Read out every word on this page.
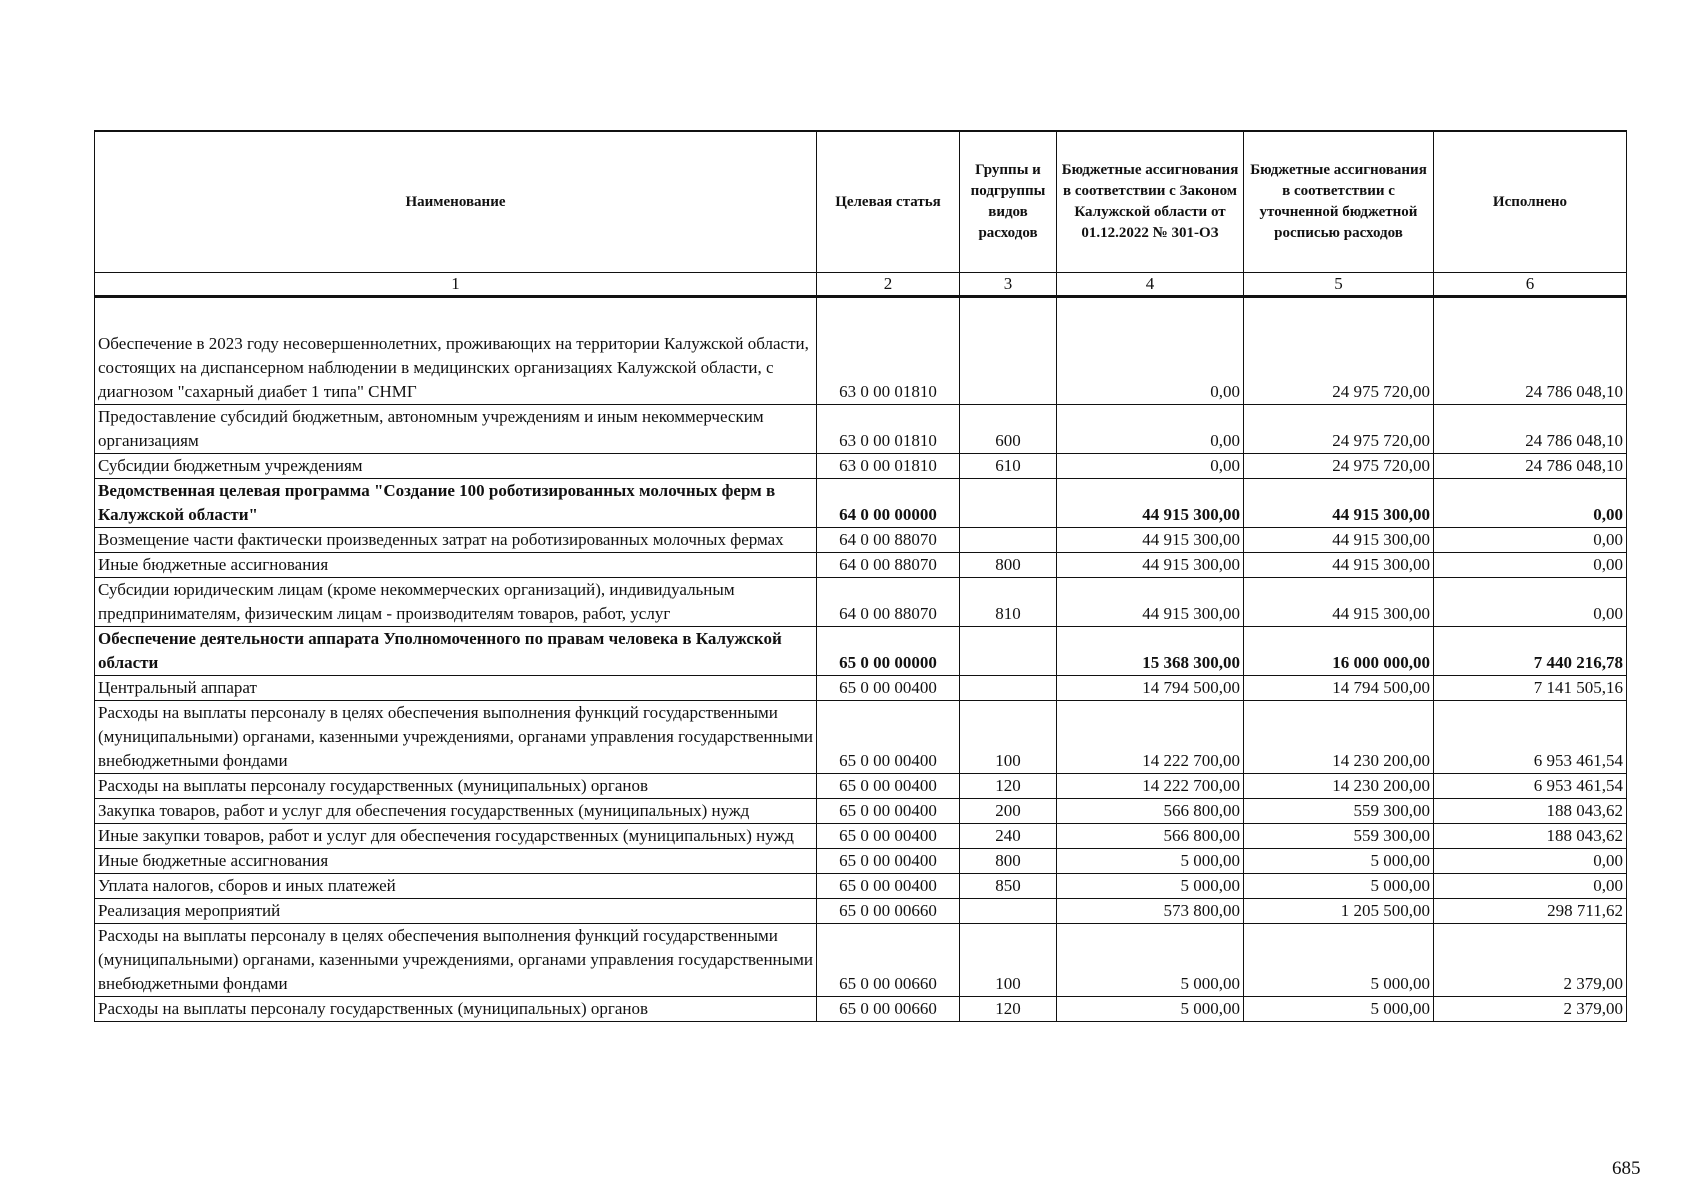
Наименование	Целевая статья	Группы и подгруппы видов расходов	Бюджетные ассигнования в соответствии с Законом Калужской области от 01.12.2022 № 301-ОЗ	Бюджетные ассигнования в соответствии с уточненной бюджетной росписью расходов	Исполнено
1	2	3	4	5	6
Обеспечение в 2023 году несовершеннолетних, проживающих на территории Калужской области, состоящих на диспансерном наблюдении в медицинских организациях Калужской области, с диагнозом "сахарный диабет 1 типа" СНМГ	63 0 00 01810		0,00	24 975 720,00	24 786 048,10
Предоставление субсидий бюджетным, автономным учреждениям и иным некоммерческим организациям	63 0 00 01810	600	0,00	24 975 720,00	24 786 048,10
Субсидии бюджетным учреждениям	63 0 00 01810	610	0,00	24 975 720,00	24 786 048,10
Ведомственная целевая программа "Создание 100 роботизированных молочных ферм в Калужской области"	64 0 00 00000		44 915 300,00	44 915 300,00	0,00
Возмещение части фактически произведенных затрат на роботизированных молочных фермах	64 0 00 88070		44 915 300,00	44 915 300,00	0,00
Иные бюджетные ассигнования	64 0 00 88070	800	44 915 300,00	44 915 300,00	0,00
Субсидии юридическим лицам (кроме некоммерческих организаций), индивидуальным предпринимателям, физическим лицам - производителям товаров, работ, услуг	64 0 00 88070	810	44 915 300,00	44 915 300,00	0,00
Обеспечение деятельности аппарата Уполномоченного по правам человека в Калужской области	65 0 00 00000		15 368 300,00	16 000 000,00	7 440 216,78
Центральный аппарат	65 0 00 00400		14 794 500,00	14 794 500,00	7 141 505,16
Расходы на выплаты персоналу в целях обеспечения выполнения функций государственными (муниципальными) органами, казенными учреждениями, органами управления государственными внебюджетными фондами	65 0 00 00400	100	14 222 700,00	14 230 200,00	6 953 461,54
Расходы на выплаты персоналу государственных (муниципальных) органов	65 0 00 00400	120	14 222 700,00	14 230 200,00	6 953 461,54
Закупка товаров, работ и услуг для обеспечения государственных (муниципальных) нужд	65 0 00 00400	200	566 800,00	559 300,00	188 043,62
Иные закупки товаров, работ и услуг для обеспечения государственных (муниципальных) нужд	65 0 00 00400	240	566 800,00	559 300,00	188 043,62
Иные бюджетные ассигнования	65 0 00 00400	800	5 000,00	5 000,00	0,00
Уплата налогов, сборов и иных платежей	65 0 00 00400	850	5 000,00	5 000,00	0,00
Реализация мероприятий	65 0 00 00660		573 800,00	1 205 500,00	298 711,62
Расходы на выплаты персоналу в целях обеспечения выполнения функций государственными (муниципальными) органами, казенными учреждениями, органами управления государственными внебюджетными фондами	65 0 00 00660	100	5 000,00	5 000,00	2 379,00
Расходы на выплаты персоналу государственных (муниципальных) органов	65 0 00 00660	120	5 000,00	5 000,00	2 379,00
685
